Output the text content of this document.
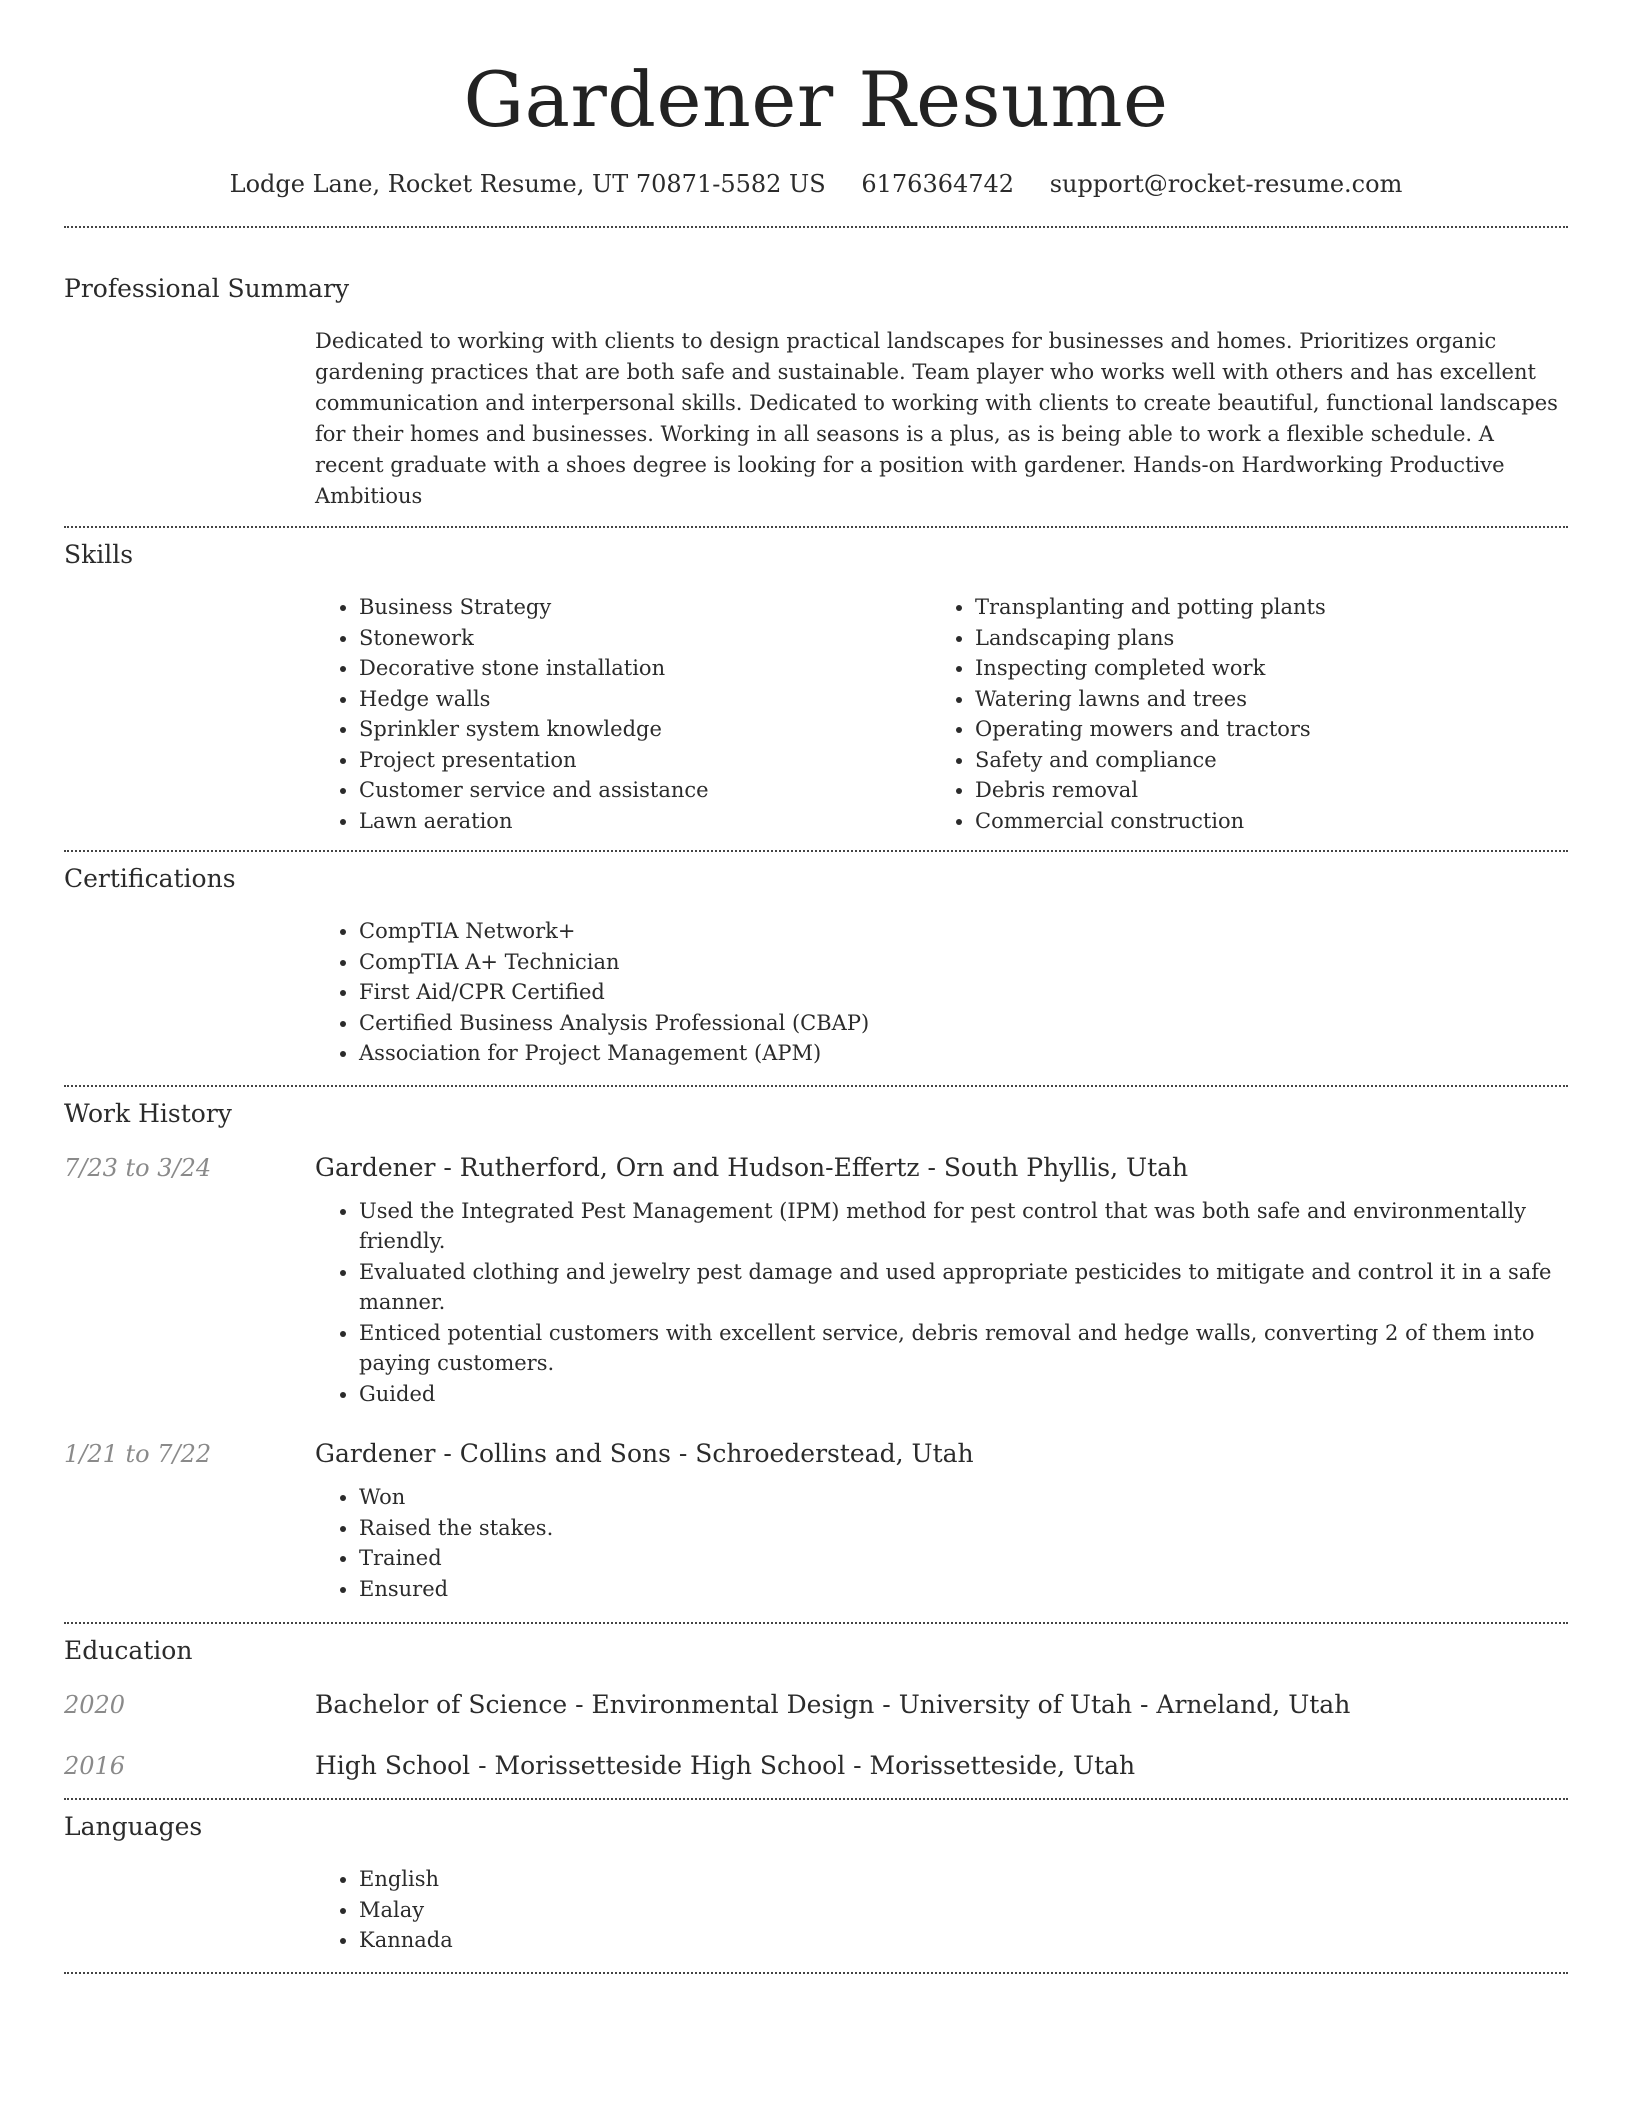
Gardener Resume
Lodge Lane, Rocket Resume, UT 70871-5582 US 6176364742 support@rocket-resume.com
Professional Summary

Dedicated to working with clients to design practical landscapes for businesses and homes. Prioritizes organic gardening practices that are both safe and sustainable. Team player who works well with others and has excellent communication and interpersonal skills. Dedicated to working with clients to create beautiful, functional landscapes for their homes and businesses. Working in all seasons is a plus, as is being able to work a flexible schedule. A recent graduate with a shoes degree is looking for a position with gardener. Hands-on Hardworking Productive Ambitious

Skills
• Business Strategy
• Stonework
• Decorative stone installation
• Hedge walls
• Sprinkler system knowledge
• Project presentation
• Customer service and assistance
• Lawn aeration
• Transplanting and potting plants
• Landscaping plans
• Inspecting completed work
• Watering lawns and trees
• Operating mowers and tractors
• Safety and compliance
• Debris removal
• Commercial construction
Certifications
• CompTIA Network+
• CompTIA A+ Technician
• First Aid/CPR Certified
• Certified Business Analysis Professional (CBAP)
• Association for Project Management (APM)
Work History
7/23 to 3/24	Gardener - Rutherford, Orn and Hudson-Effertz - South Phyllis, Utah
• Used the Integrated Pest Management (IPM) method for pest control that was both safe and environmentally friendly.
• Evaluated clothing and jewelry pest damage and used appropriate pesticides to mitigate and control it in a safe manner.
• Enticed potential customers with excellent service, debris removal and hedge walls, converting 2 of them into paying customers.
• Guided
1/21 to 7/22	Gardener - Collins and Sons - Schroederstead, Utah
• Won
• Raised the stakes.
• Trained
• Ensured
Education
2020	Bachelor of Science - Environmental Design - University of Utah - Arneland, Utah
2016	High School - Morissetteside High School - Morissetteside, Utah
Languages
• English
• Malay
• Kannada
